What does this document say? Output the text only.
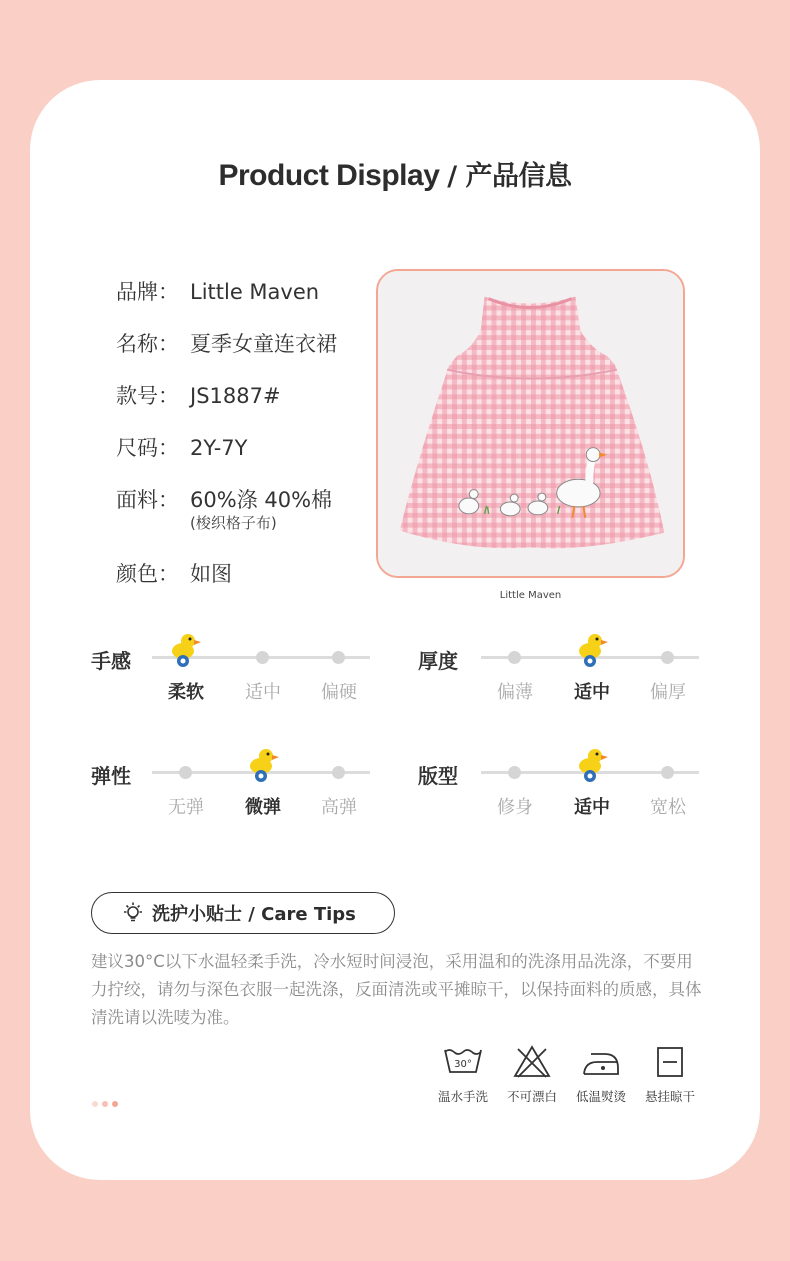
Product Display / 产品信息
品牌： Little Maven
名称： 夏季女童连衣裙
款号： JS1887#
尺码： 2Y-7Y
面料： 60%涤 40%棉
(梭织格子布)
颜色： 如图
Little Maven
手感
柔软	适中	偏硬
厚度
偏薄	适中	偏厚
弹性
无弹	微弹	高弹
版型
修身	适中	宽松
洗护小贴士 / Care Tips
建议30°C以下水温轻柔手洗，冷水短时间浸泡，采用温和的洗涤用品洗涤，不要用力拧绞，请勿与深色衣服一起洗涤，反面清洗或平摊晾干，以保持面料的质感，具体清洗请以洗唛为准。
30°
温水手洗	不可漂白	低温熨烫	悬挂晾干
